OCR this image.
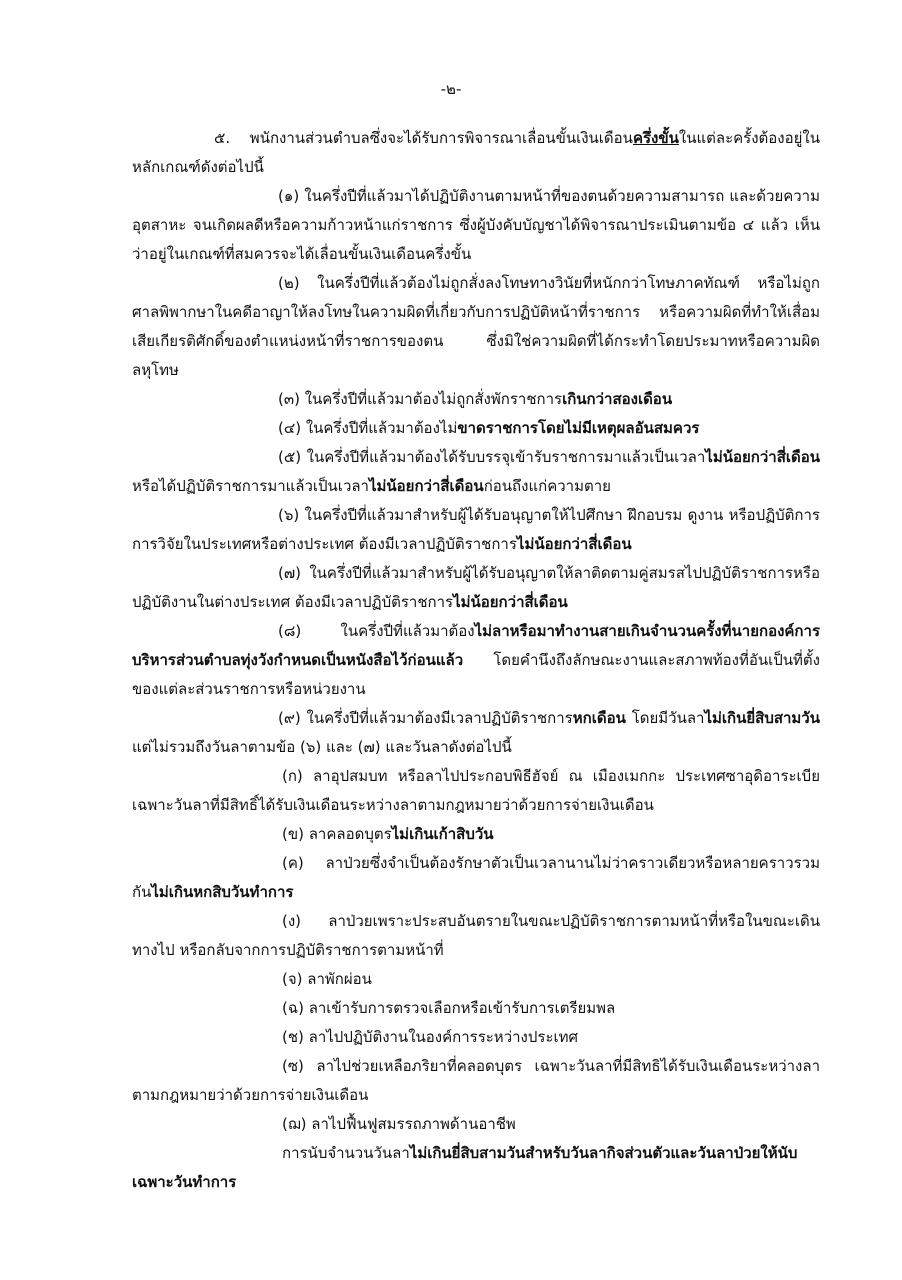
-๒-

๕. พนักงานส่วนตำบลซึ่งจะได้รับการพิจารณาเลื่อนขั้นเงินเดือนครึ่งขั้นในแต่ละครั้งต้องอยู่ในหลักเกณฑ์ดังต่อไปนี้

(๑) ในครึ่งปีที่แล้วมาได้ปฏิบัติงานตามหน้าที่ของตนด้วยความสามารถ และด้วยความอุตสาหะ จนเกิดผลดีหรือความก้าวหน้าแก่ราชการ ซึ่งผู้บังคับบัญชาได้พิจารณาประเมินตามข้อ ๔ แล้ว เห็นว่าอยู่ในเกณฑ์ที่สมควรจะได้เลื่อนขั้นเงินเดือนครึ่งขั้น

(๒) ในครึ่งปีที่แล้วต้องไม่ถูกสั่งลงโทษทางวินัยที่หนักกว่าโทษภาคทัณฑ์ หรือไม่ถูกศาลพิพากษาในคดีอาญาให้ลงโทษในความผิดที่เกี่ยวกับการปฏิบัติหน้าที่ราชการ หรือความผิดที่ทำให้เสื่อมเสียเกียรติศักดิ์ของตำแหน่งหน้าที่ราชการของตน ซึ่งมิใช่ความผิดที่ได้กระทำโดยประมาทหรือความผิดลหุโทษ

(๓) ในครึ่งปีที่แล้วมาต้องไม่ถูกสั่งพักราชการเกินกว่าสองเดือน

(๔) ในครึ่งปีที่แล้วมาต้องไม่ขาดราชการโดยไม่มีเหตุผลอันสมควร

(๕) ในครึ่งปีที่แล้วมาต้องได้รับบรรจุเข้ารับราชการมาแล้วเป็นเวลาไม่น้อยกว่าสี่เดือน หรือได้ปฏิบัติราชการมาแล้วเป็นเวลาไม่น้อยกว่าสี่เดือนก่อนถึงแก่ความตาย

(๖) ในครึ่งปีที่แล้วมาสำหรับผู้ได้รับอนุญาตให้ไปศึกษา ฝึกอบรม ดูงาน หรือปฏิบัติการ การวิจัยในประเทศหรือต่างประเทศ ต้องมีเวลาปฏิบัติราชการไม่น้อยกว่าสี่เดือน

(๗) ในครึ่งปีที่แล้วมาสำหรับผู้ได้รับอนุญาตให้ลาติดตามคู่สมรสไปปฏิบัติราชการหรือปฏิบัติงานในต่างประเทศ ต้องมีเวลาปฏิบัติราชการไม่น้อยกว่าสี่เดือน

(๘) ในครึ่งปีที่แล้วมาต้องไม่ลาหรือมาทำงานสายเกินจำนวนครั้งที่นายกองค์การบริหารส่วนตำบลทุ่งวังกำหนดเป็นหนังสือไว้ก่อนแล้ว โดยคำนึงถึงลักษณะงานและสภาพท้องที่อันเป็นที่ตั้งของแต่ละส่วนราชการหรือหน่วยงาน

(๙) ในครึ่งปีที่แล้วมาต้องมีเวลาปฏิบัติราชการหกเดือน โดยมีวันลาไม่เกินยี่สิบสามวันแต่ไม่รวมถึงวันลาตามข้อ (๖) และ (๗) และวันลาดังต่อไปนี้

(ก) ลาอุปสมบท หรือลาไปประกอบพิธีฮัจย์ ณ เมืองเมกกะ ประเทศซาอุดิอาระเบีย เฉพาะวันลาที่มีสิทธิ์ได้รับเงินเดือนระหว่างลาตามกฎหมายว่าด้วยการจ่ายเงินเดือน

(ข) ลาคลอดบุตรไม่เกินเก้าสิบวัน

(ค) ลาป่วยซึ่งจำเป็นต้องรักษาตัวเป็นเวลานานไม่ว่าคราวเดียวหรือหลายคราวรวมกันไม่เกินหกสิบวันทำการ

(ง) ลาป่วยเพราะประสบอันตรายในขณะปฏิบัติราชการตามหน้าที่หรือในขณะเดินทางไป หรือกลับจากการปฏิบัติราชการตามหน้าที่

(จ) ลาพักผ่อน

(ฉ) ลาเข้ารับการตรวจเลือกหรือเข้ารับการเตรียมพล

(ช) ลาไปปฏิบัติงานในองค์การระหว่างประเทศ

(ซ) ลาไปช่วยเหลือภริยาที่คลอดบุตร เฉพาะวันลาที่มีสิทธิได้รับเงินเดือนระหว่างลาตามกฎหมายว่าด้วยการจ่ายเงินเดือน

(ฌ) ลาไปฟื้นฟูสมรรถภาพด้านอาชีพ

การนับจำนวนวันลาไม่เกินยี่สิบสามวันสำหรับวันลากิจส่วนตัวและวันลาป่วยให้นับเฉพาะวันทำการ
